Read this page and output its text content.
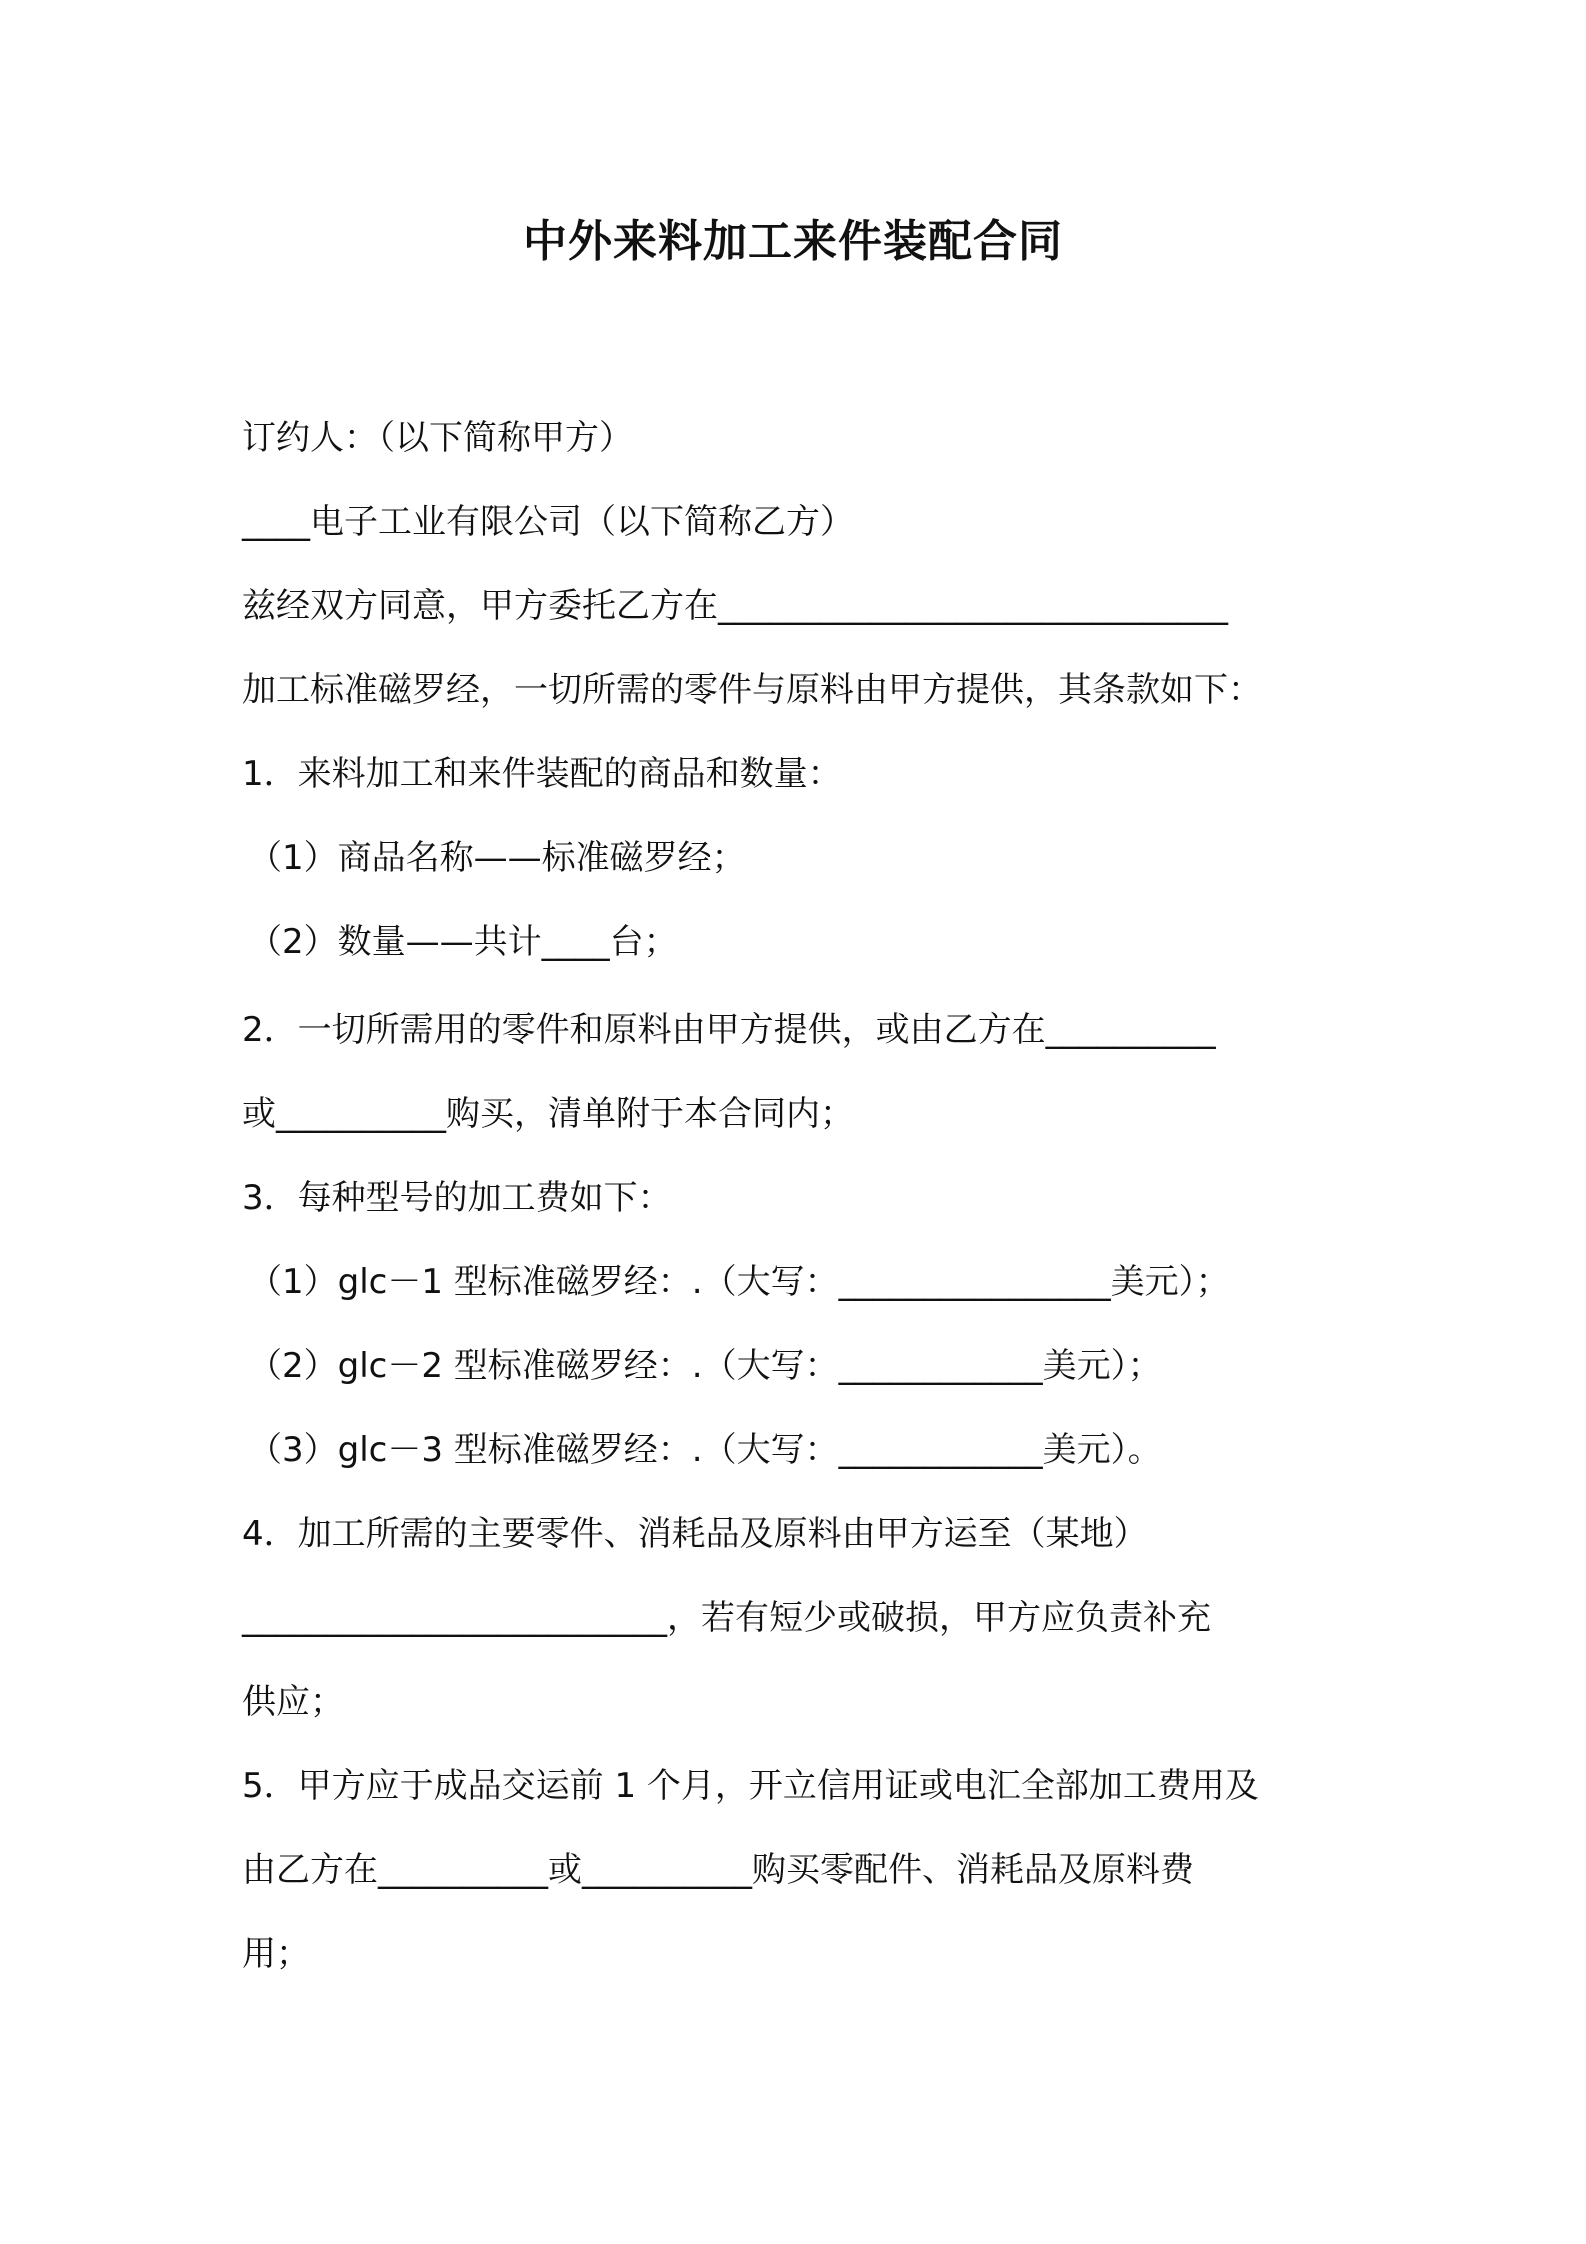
中外来料加工来件装配合同

订约人：（以下简称甲方）

____电子工业有限公司（以下简称乙方）

兹经双方同意，甲方委托乙方在______________________________

加工标准磁罗经，一切所需的零件与原料由甲方提供，其条款如下：

1．来料加工和来件装配的商品和数量：

（1）商品名称——标准磁罗经；

（2）数量——共计____台；

2．一切所需用的零件和原料由甲方提供，或由乙方在__________

或__________购买，清单附于本合同内；

3．每种型号的加工费如下：

（1）glc－1 型标准磁罗经：.（大写：________________美元）；

（2）glc－2 型标准磁罗经：.（大写：____________美元）；

（3）glc－3 型标准磁罗经：.（大写：____________美元）。

4．加工所需的主要零件、消耗品及原料由甲方运至（某地）

_________________________，若有短少或破损，甲方应负责补充

供应；

5．甲方应于成品交运前 1 个月，开立信用证或电汇全部加工费用及

由乙方在__________或__________购买零配件、消耗品及原料费

用；
